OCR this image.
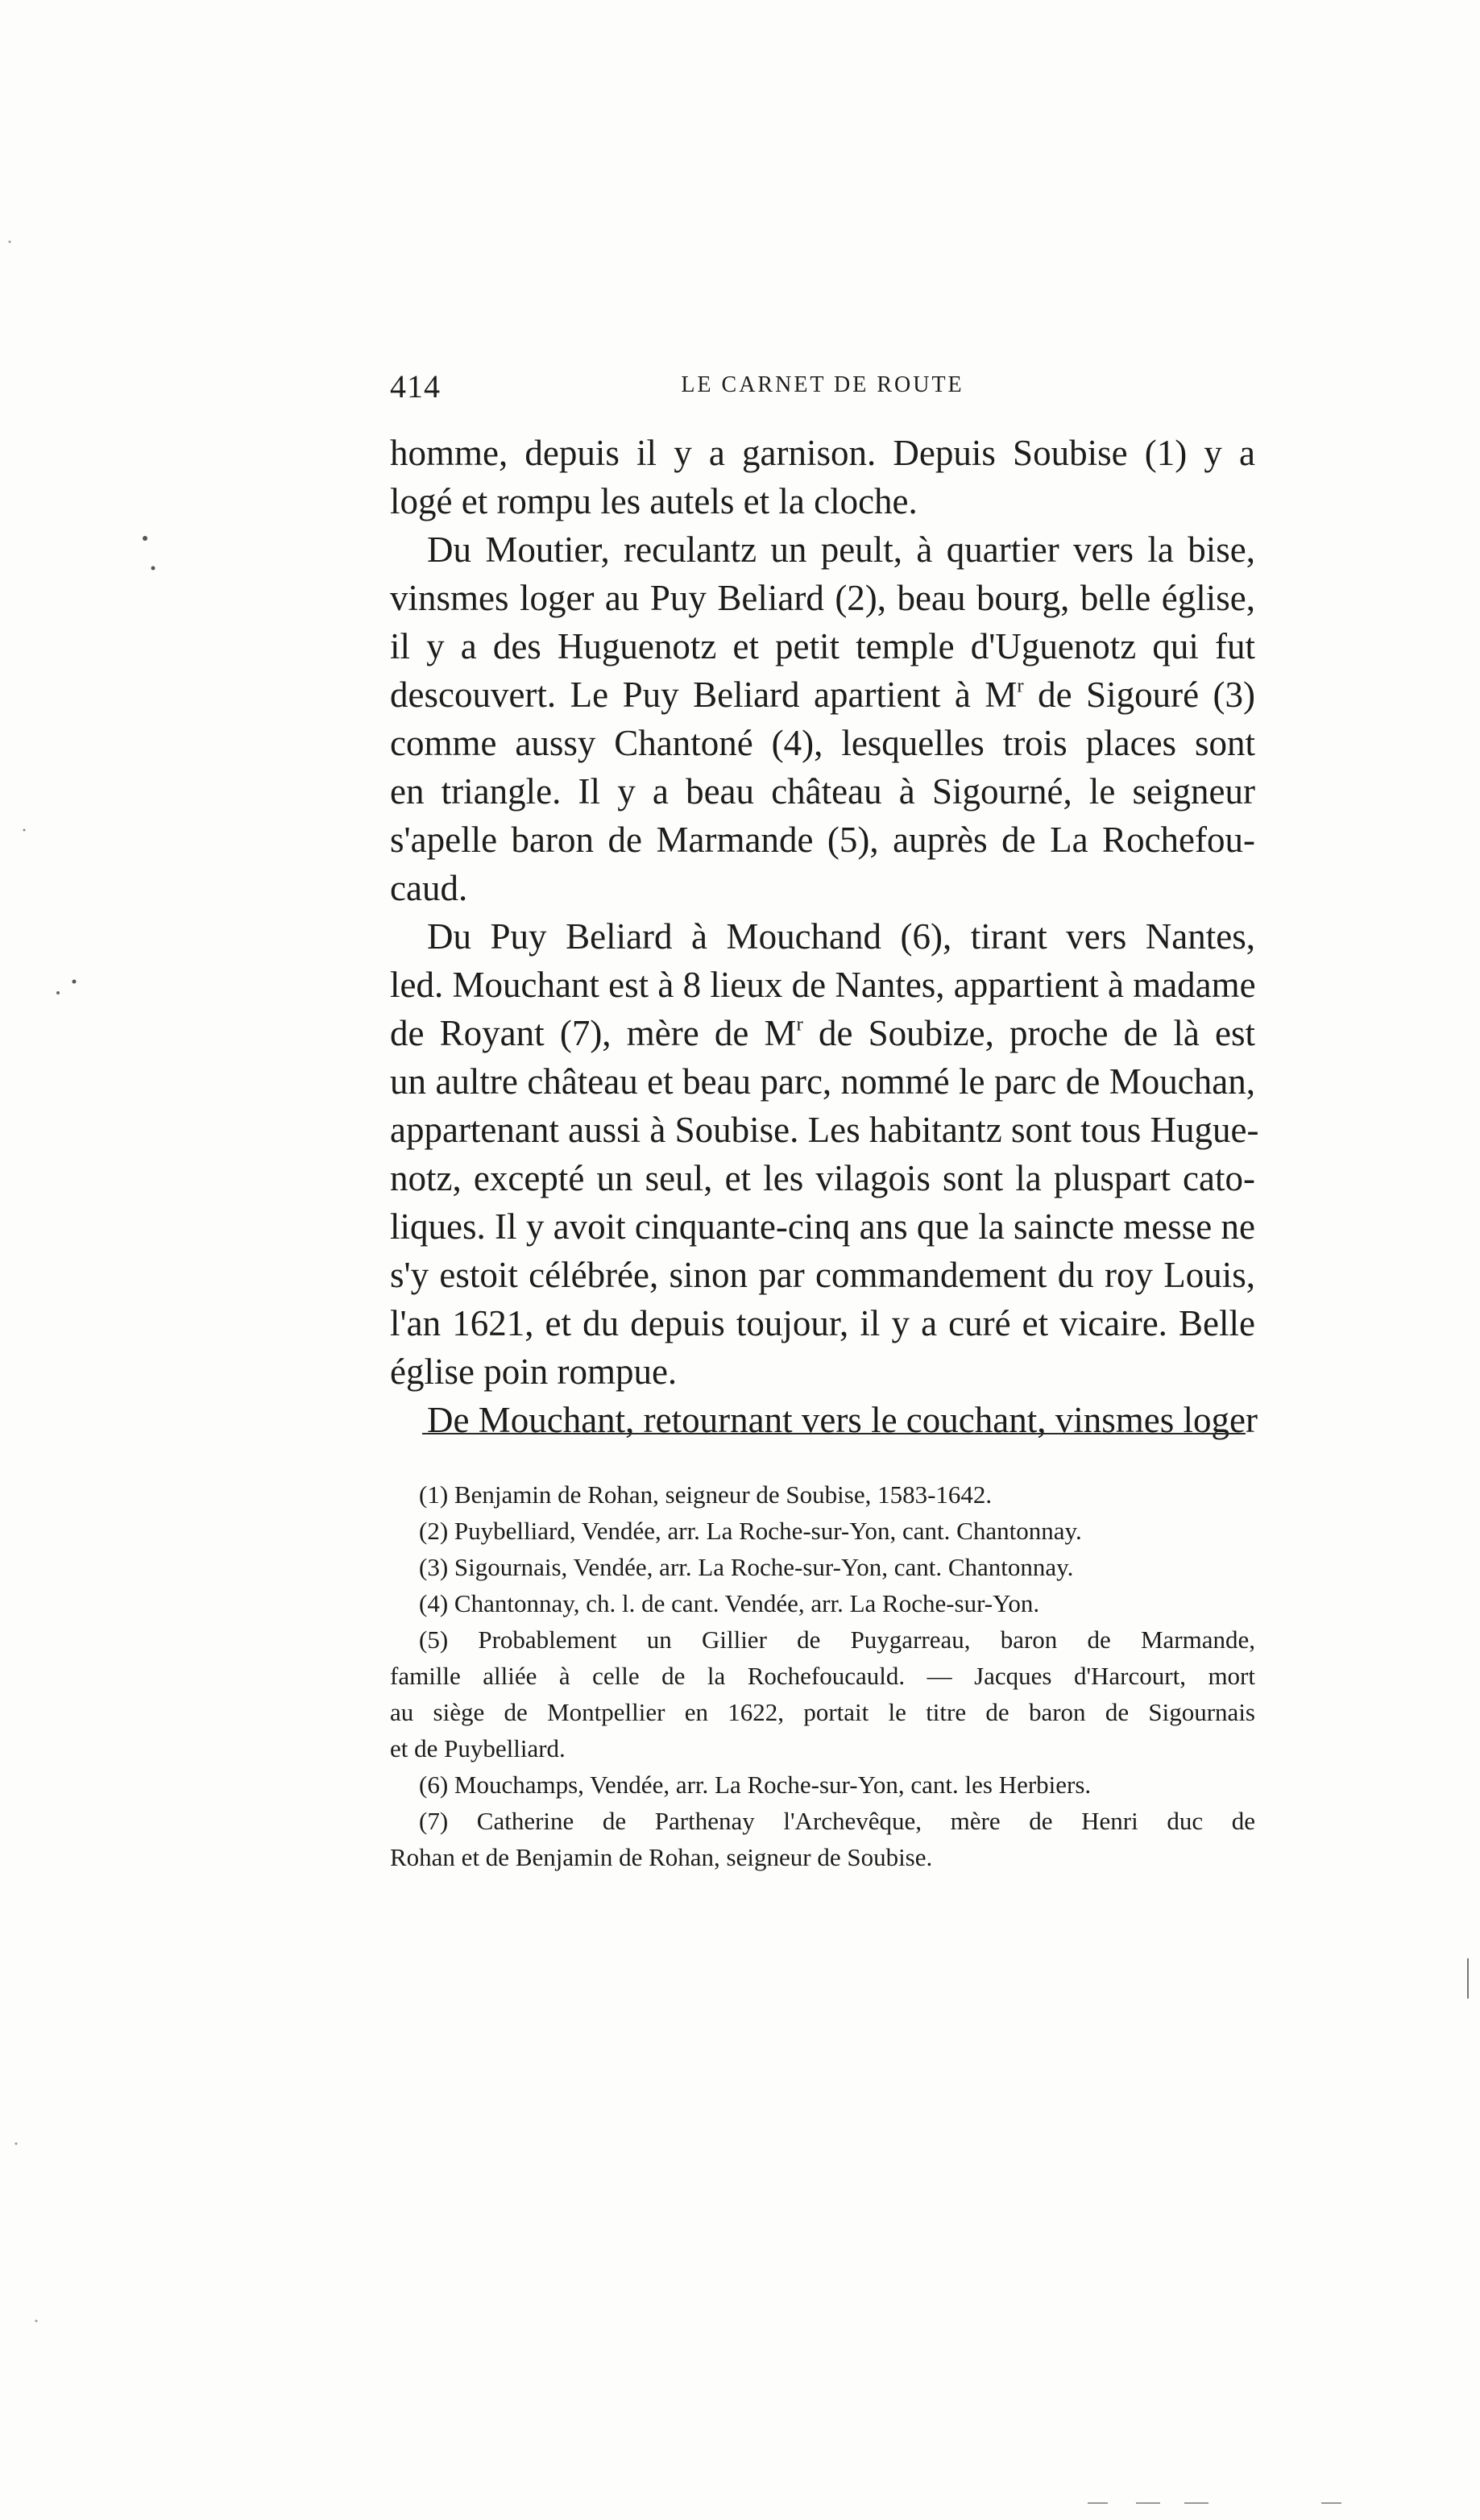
414	LE CARNET DE ROUTE
homme, depuis il y a garnison. Depuis Soubise (1) y a
logé et rompu les autels et la cloche.
Du Moutier, reculantz un peult, à quartier vers la bise,
vinsmes loger au Puy Beliard (2), beau bourg, belle église,
il y a des Huguenotz et petit temple d'Uguenotz qui fut
descouvert. Le Puy Beliard apartient à $M^r$ de Sigouré (3)
comme aussy Chantoné (4), lesquelles trois places sont
en triangle. Il y a beau château à Sigourné, le seigneur
s'apelle baron de Marmande (5), auprès de La Rochefou-
caud.
Du Puy Beliard à Mouchand (6), tirant vers Nantes,
led. Mouchant est à 8 lieux de Nantes, appartient à madame
de Royant (7), mère de $M^r$ de Soubize, proche de là est
un aultre château et beau parc, nommé le parc de Mouchan,
appartenant aussi à Soubise. Les habitantz sont tous Hugue-
notz, excepté un seul, et les vilagois sont la pluspart cato-
liques. Il y avoit cinquante-cinq ans que la saincte messe ne
s'y estoit célébrée, sinon par commandement du roy Louis,
l'an 1621, et du depuis toujour, il y a curé et vicaire. Belle
église poin rompue.
De Mouchant, retournant vers le couchant, vinsmes loger
(1) Benjamin de Rohan, seigneur de Soubise, 1583-1642.
(2) Puybelliard, Vendée, arr. La Roche-sur-Yon, cant. Chantonnay.
(3) Sigournais, Vendée, arr. La Roche-sur-Yon, cant. Chantonnay.
(4) Chantonnay, ch. l. de cant. Vendée, arr. La Roche-sur-Yon.
(5) Probablement un Gillier de Puygarreau, baron de Marmande,
famille alliée à celle de la Rochefoucauld. — Jacques d'Harcourt, mort
au siège de Montpellier en 1622, portait le titre de baron de Sigournais
et de Puybelliard.
(6) Mouchamps, Vendée, arr. La Roche-sur-Yon, cant. les Herbiers.
(7) Catherine de Parthenay l'Archevêque, mère de Henri duc de
Rohan et de Benjamin de Rohan, seigneur de Soubise.
